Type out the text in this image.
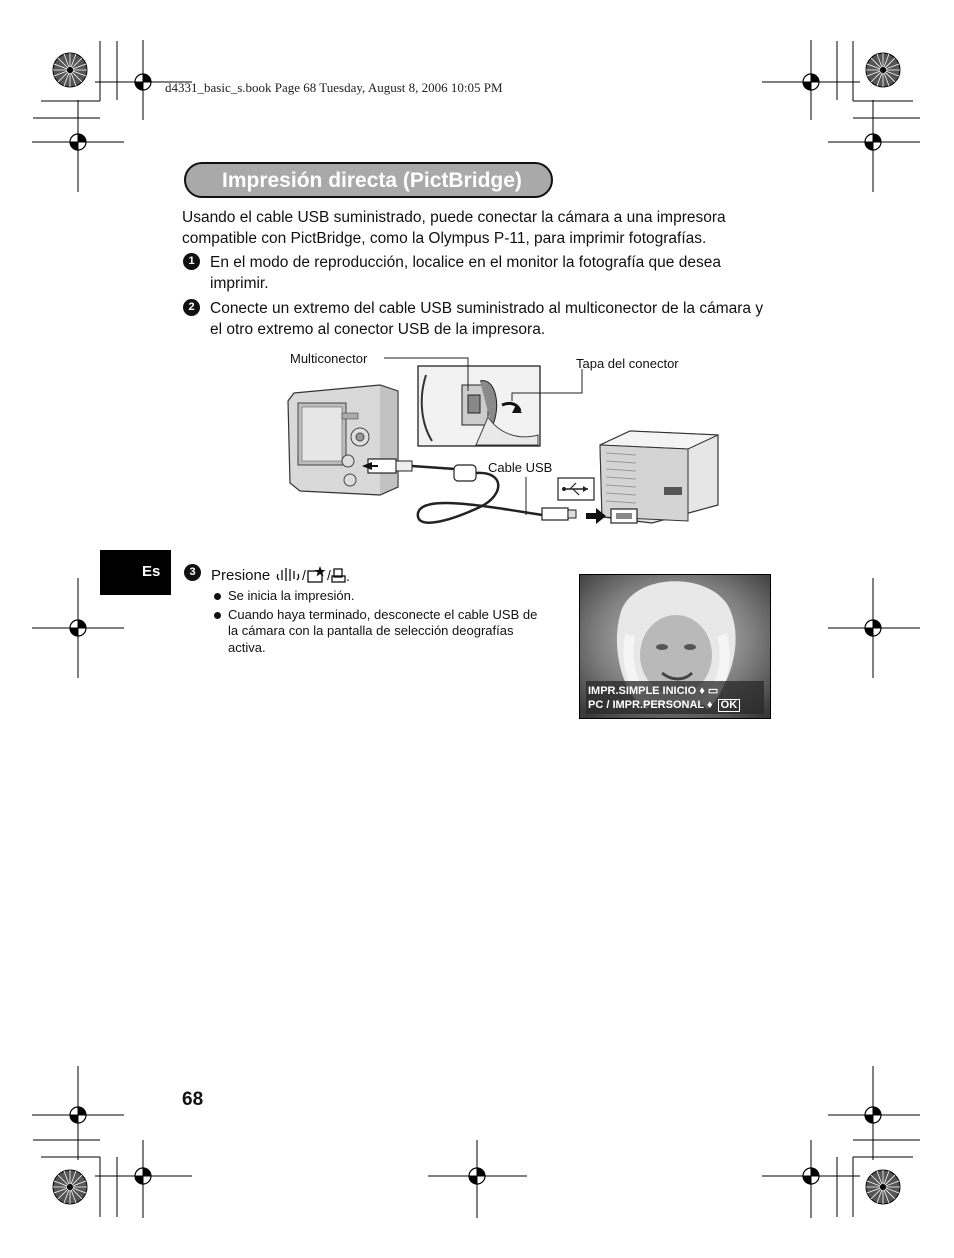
d4331_basic_s.book Page 68 Tuesday, August 8, 2006 10:05 PM
Impresión directa (PictBridge)
Usando el cable USB suministrado, puede conectar la cámara a una impresora compatible con PictBridge, como la Olympus P-11, para imprimir fotografías.
1 En el modo de reproducción, localice en el monitor la fotografía que desea imprimir.
2 Conecte un extremo del cable USB suministrado al multiconector de la cámara y el otro extremo al conector USB de la impresora.
Multiconector	Tapa del conector
Cable USB
Es	3	Presione / / .
Se inicia la impresión.
Cuando haya terminado, desconecte el cable USB de la cámara con la pantalla de selección deografías activa.
IMPR.SIMPLE INICIO ♦ ▭
PC / IMPR.PERSONAL ♦ OK
68
